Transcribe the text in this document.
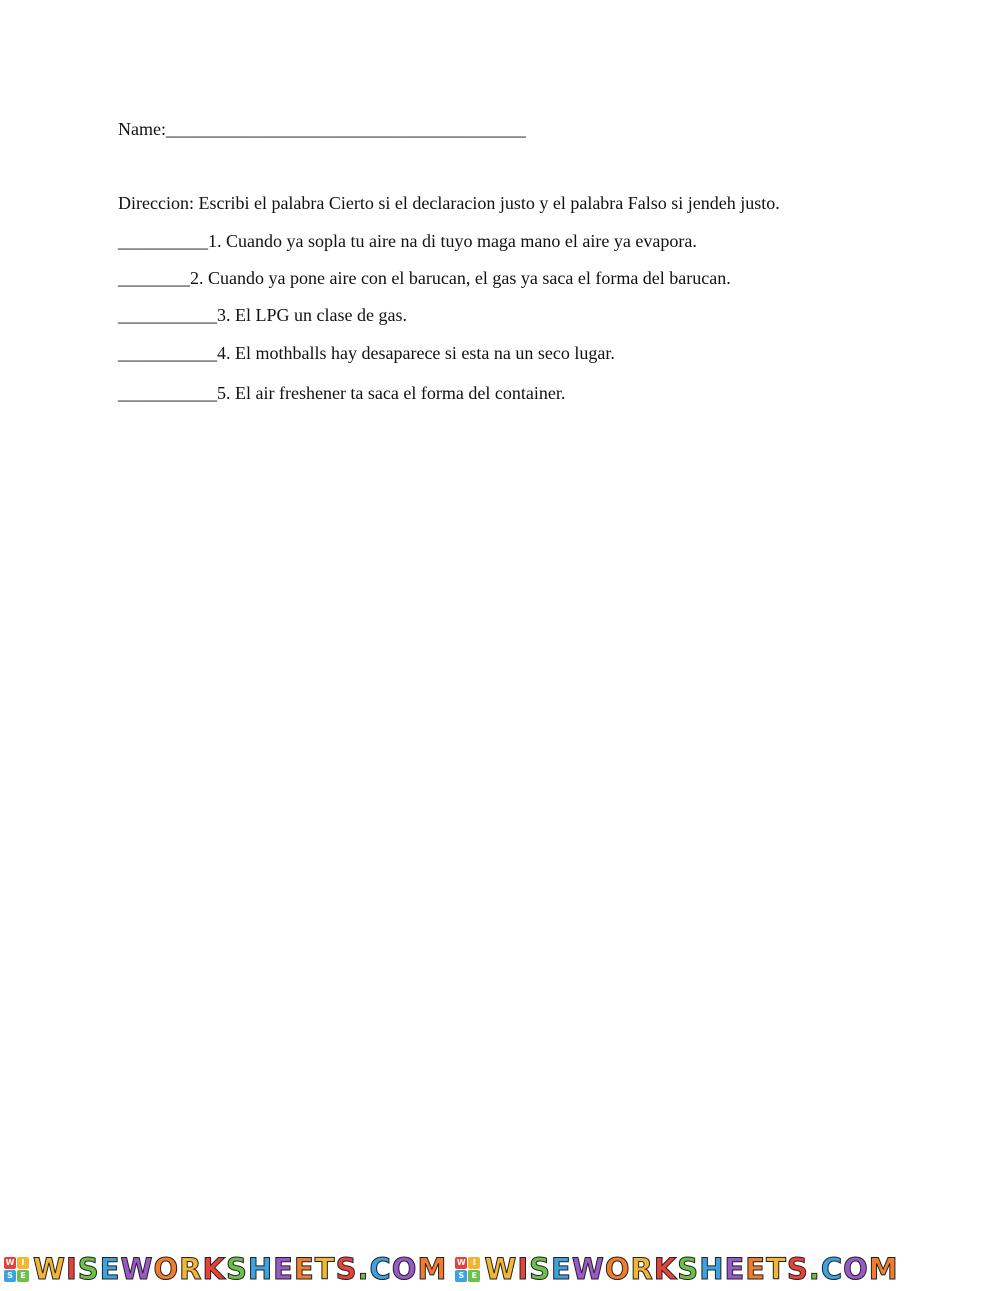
Name:________________________________________
Direccion: Escribi el palabra Cierto si el declaracion justo y el palabra Falso si jendeh justo.
__________1. Cuando ya sopla tu aire na di tuyo maga mano el aire ya evapora.
________2. Cuando ya pone aire con el barucan, el gas ya saca el forma del barucan.
___________3. El LPG un clase de gas.
___________4. El mothballs hay desaparece si esta na un seco lugar.
___________5. El air freshener ta saca el forma del container.
W I
S E WISEWORKSHEETS.COM W I
S E WISEWORKSHEETS.COM
